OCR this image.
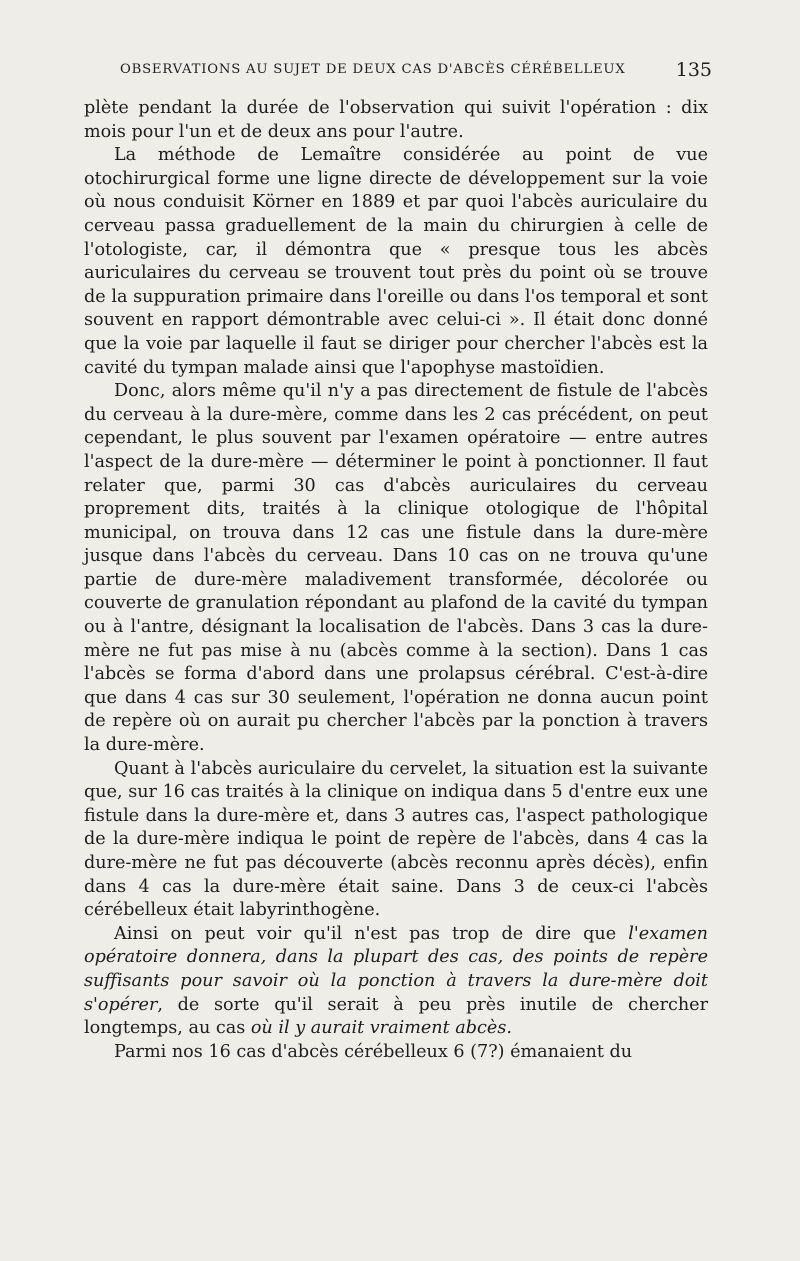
OBSERVATIONS AU SUJET DE DEUX CAS D'ABCÈS CÉRÉBELLEUX	135

plète pendant la durée de l'observation qui suivit l'opération : dix mois pour l'un et de deux ans pour l'autre.

La méthode de Lemaître considérée au point de vue otochirurgical forme une ligne directe de développement sur la voie où nous conduisit Körner en 1889 et par quoi l'abcès auriculaire du cerveau passa graduellement de la main du chirurgien à celle de l'otologiste, car, il démontra que « presque tous les abcès auriculaires du cerveau se trouvent tout près du point où se trouve de la suppuration primaire dans l'oreille ou dans l'os temporal et sont souvent en rapport démontrable avec celui-ci ». Il était donc donné que la voie par laquelle il faut se diriger pour chercher l'abcès est la cavité du tympan malade ainsi que l'apophyse mastoïdien.

Donc, alors même qu'il n'y a pas directement de fistule de l'abcès du cerveau à la dure-mère, comme dans les 2 cas précédent, on peut cependant, le plus souvent par l'examen opératoire — entre autres l'aspect de la dure-mère — déterminer le point à ponctionner. Il faut relater que, parmi 30 cas d'abcès auriculaires du cerveau proprement dits, traités à la clinique otologique de l'hôpital municipal, on trouva dans 12 cas une fistule dans la dure-mère jusque dans l'abcès du cerveau. Dans 10 cas on ne trouva qu'une partie de dure-mère maladivement transformée, décolorée ou couverte de granulation répondant au plafond de la cavité du tympan ou à l'antre, désignant la localisation de l'abcès. Dans 3 cas la dure-mère ne fut pas mise à nu (abcès comme à la section). Dans 1 cas l'abcès se forma d'abord dans une prolapsus cérébral. C'est-à-dire que dans 4 cas sur 30 seulement, l'opération ne donna aucun point de repère où on aurait pu chercher l'abcès par la ponction à travers la dure-mère.

Quant à l'abcès auriculaire du cervelet, la situation est la suivante que, sur 16 cas traités à la clinique on indiqua dans 5 d'entre eux une fistule dans la dure-mère et, dans 3 autres cas, l'aspect pathologique de la dure-mère indiqua le point de repère de l'abcès, dans 4 cas la dure-mère ne fut pas découverte (abcès reconnu après décès), enfin dans 4 cas la dure-mère était saine. Dans 3 de ceux-ci l'abcès cérébelleux était labyrinthogène.

Ainsi on peut voir qu'il n'est pas trop de dire que l'examen opératoire donnera, dans la plupart des cas, des points de repère suffisants pour savoir où la ponction à travers la dure-mère doit s'opérer, de sorte qu'il serait à peu près inutile de chercher longtemps, au cas où il y aurait vraiment abcès.

Parmi nos 16 cas d'abcès cérébelleux 6 (7?) émanaient du
